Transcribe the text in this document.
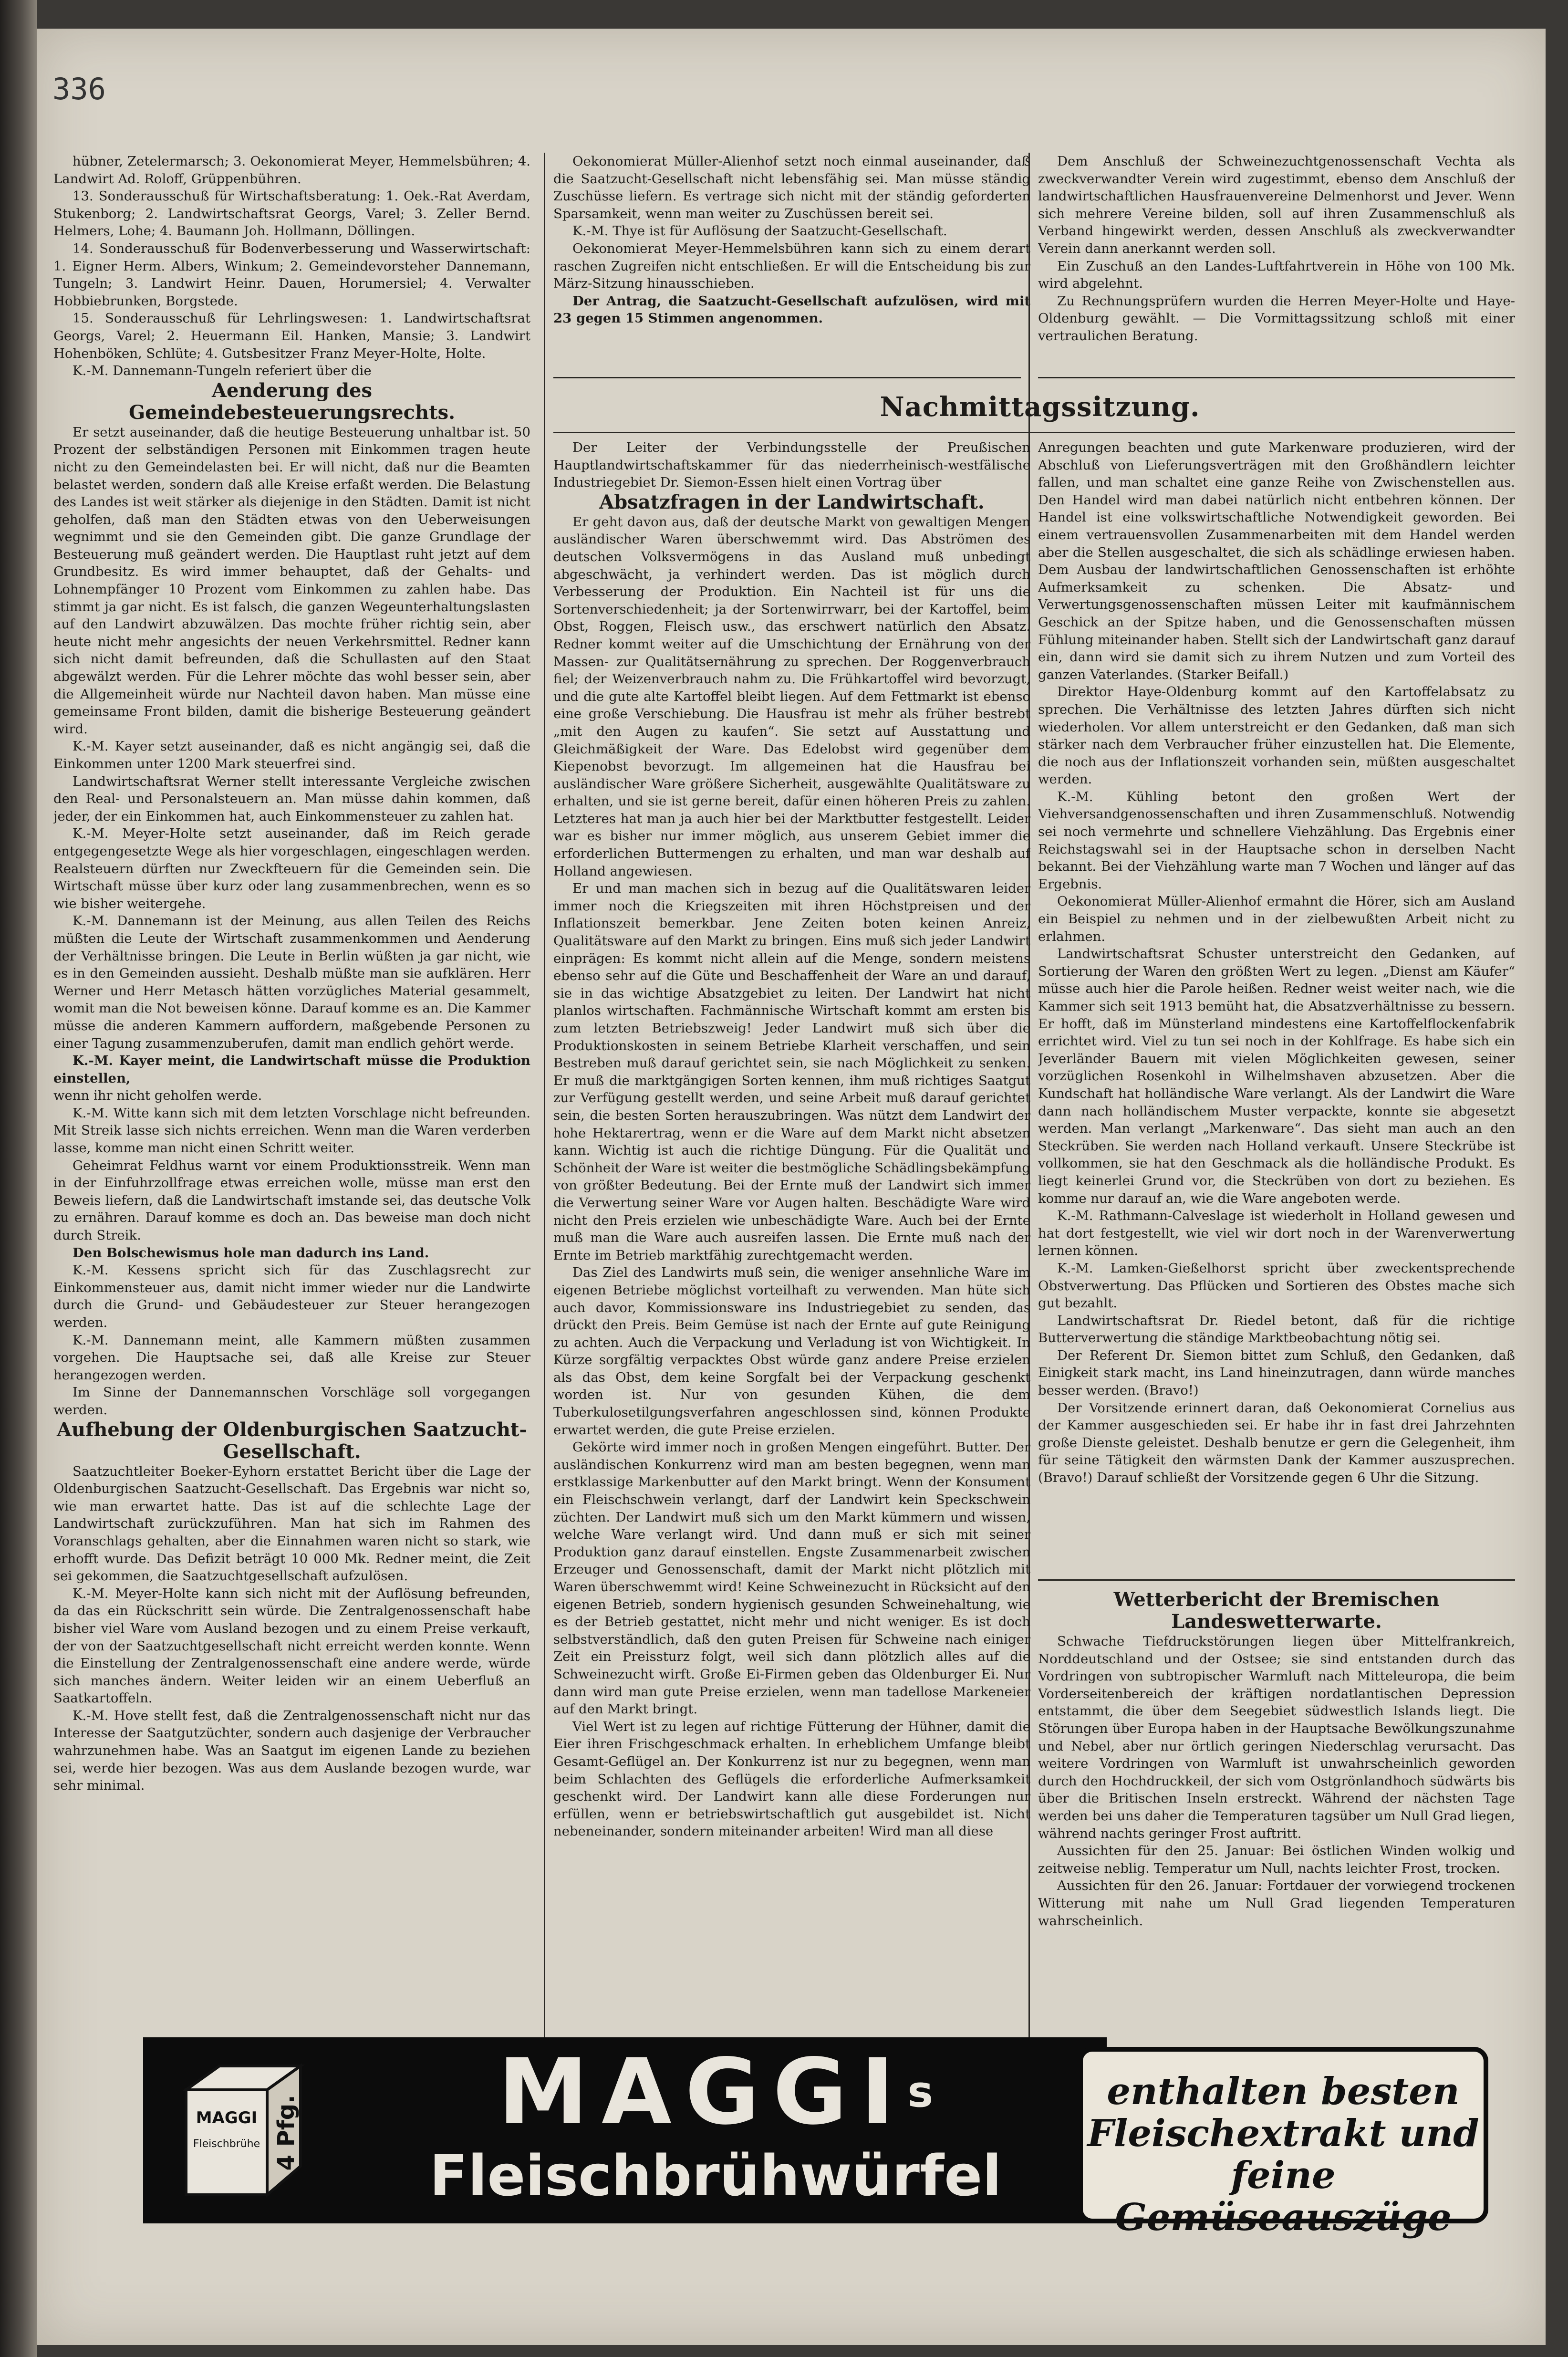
336

hübner, Zetelermarsch; 3. Oekonomierat Meyer, Hemmelsbühren; 4. Landwirt Ad. Roloff, Grüppenbühren.

13. Sonderausschuß für Wirtschaftsberatung: 1. Oek.-Rat Averdam, Stukenborg; 2. Landwirtschaftsrat Georgs, Varel; 3. Zeller Bernd. Helmers, Lohe; 4. Baumann Joh. Hollmann, Döllingen.

14. Sonderausschuß für Bodenverbesserung und Wasserwirtschaft: 1. Eigner Herm. Albers, Winkum; 2. Gemeindevorsteher Dannemann, Tungeln; 3. Landwirt Heinr. Dauen, Horumersiel; 4. Verwalter Hobbiebrunken, Borgstede.

15. Sonderausschuß für Lehrlingswesen: 1. Landwirtschaftsrat Georgs, Varel; 2. Heuermann Eil. Hanken, Mansie; 3. Landwirt Hohenböken, Schlüte; 4. Gutsbesitzer Franz Meyer-Holte, Holte.

K.-M. Dannemann-Tungeln referiert über die

Aenderung des Gemeindebesteuerungsrechts.

Er setzt auseinander, daß die heutige Besteuerung unhaltbar ist. 50 Prozent der selbständigen Personen mit Einkommen tragen heute nicht zu den Gemeindelasten bei. Er will nicht, daß nur die Beamten belastet werden, sondern daß alle Kreise erfaßt werden. Die Belastung des Landes ist weit stärker als diejenige in den Städten. Damit ist nicht geholfen, daß man den Städten etwas von den Ueberweisungen wegnimmt und sie den Gemeinden gibt. Die ganze Grundlage der Besteuerung muß geändert werden. Die Hauptlast ruht jetzt auf dem Grundbesitz. Es wird immer behauptet, daß der Gehalts- und Lohnempfänger 10 Prozent vom Einkommen zu zahlen habe. Das stimmt ja gar nicht. Es ist falsch, die ganzen Wegeunterhaltungslasten auf den Landwirt abzuwälzen. Das mochte früher richtig sein, aber heute nicht mehr angesichts der neuen Verkehrsmittel. Redner kann sich nicht damit befreunden, daß die Schullasten auf den Staat abgewälzt werden. Für die Lehrer möchte das wohl besser sein, aber die Allgemeinheit würde nur Nachteil davon haben. Man müsse eine gemeinsame Front bilden, damit die bisherige Besteuerung geändert wird.

K.-M. Kayer setzt auseinander, daß es nicht angängig sei, daß die Einkommen unter 1200 Mark steuerfrei sind.

Landwirtschaftsrat Werner stellt interessante Vergleiche zwischen den Real- und Personalsteuern an. Man müsse dahin kommen, daß jeder, der ein Einkommen hat, auch Einkommensteuer zu zahlen hat.

K.-M. Meyer-Holte setzt auseinander, daß im Reich gerade entgegengesetzte Wege als hier vorgeschlagen, eingeschlagen werden. Realsteuern dürften nur Zweckfteuern für die Gemeinden sein. Die Wirtschaft müsse über kurz oder lang zusammenbrechen, wenn es so wie bisher weitergehe.

K.-M. Dannemann ist der Meinung, aus allen Teilen des Reichs müßten die Leute der Wirtschaft zusammenkommen und Aenderung der Verhältnisse bringen. Die Leute in Berlin wüßten ja gar nicht, wie es in den Gemeinden aussieht. Deshalb müßte man sie aufklären. Herr Werner und Herr Metasch hätten vorzügliches Material gesammelt, womit man die Not beweisen könne. Darauf komme es an. Die Kammer müsse die anderen Kammern auffordern, maßgebende Personen zu einer Tagung zusammenzuberufen, damit man endlich gehört werde.

K.-M. Kayer meint, die Landwirtschaft müsse die Produktion einstellen,

wenn ihr nicht geholfen werde.

K.-M. Witte kann sich mit dem letzten Vorschlage nicht befreunden. Mit Streik lasse sich nichts erreichen. Wenn man die Waren verderben lasse, komme man nicht einen Schritt weiter.

Geheimrat Feldhus warnt vor einem Produktionsstreik. Wenn man in der Einfuhrzollfrage etwas erreichen wolle, müsse man erst den Beweis liefern, daß die Landwirtschaft imstande sei, das deutsche Volk zu ernähren. Darauf komme es doch an. Das beweise man doch nicht durch Streik.

Den Bolschewismus hole man dadurch ins Land.

K.-M. Kessens spricht sich für das Zuschlagsrecht zur Einkommensteuer aus, damit nicht immer wieder nur die Landwirte durch die Grund- und Gebäudesteuer zur Steuer herangezogen werden.

K.-M. Dannemann meint, alle Kammern müßten zusammen vorgehen. Die Hauptsache sei, daß alle Kreise zur Steuer herangezogen werden.

Im Sinne der Dannemannschen Vorschläge soll vorgegangen werden.

Aufhebung der Oldenburgischen Saatzucht-Gesellschaft.

Saatzuchtleiter Boeker-Eyhorn erstattet Bericht über die Lage der Oldenburgischen Saatzucht-Gesellschaft. Das Ergebnis war nicht so, wie man erwartet hatte. Das ist auf die schlechte Lage der Landwirtschaft zurückzuführen. Man hat sich im Rahmen des Voranschlags gehalten, aber die Einnahmen waren nicht so stark, wie erhofft wurde. Das Defizit beträgt 10 000 Mk. Redner meint, die Zeit sei gekommen, die Saatzuchtgesellschaft aufzulösen.

K.-M. Meyer-Holte kann sich nicht mit der Auflösung befreunden, da das ein Rückschritt sein würde. Die Zentralgenossenschaft habe bisher viel Ware vom Ausland bezogen und zu einem Preise verkauft, der von der Saatzuchtgesellschaft nicht erreicht werden konnte. Wenn die Einstellung der Zentralgenossenschaft eine andere werde, würde sich manches ändern. Weiter leiden wir an einem Ueberfluß an Saatkartoffeln.

K.-M. Hove stellt fest, daß die Zentralgenossenschaft nicht nur das Interesse der Saatgutzüchter, sondern auch dasjenige der Verbraucher wahrzunehmen habe. Was an Saatgut im eigenen Lande zu beziehen sei, werde hier bezogen. Was aus dem Auslande bezogen wurde, war sehr minimal.

Oekonomierat Müller-Alienhof setzt noch einmal auseinander, daß die Saatzucht-Gesellschaft nicht lebensfähig sei. Man müsse ständig Zuschüsse liefern. Es vertrage sich nicht mit der ständig geforderten Sparsamkeit, wenn man weiter zu Zuschüssen bereit sei.

K.-M. Thye ist für Auflösung der Saatzucht-Gesellschaft.

Oekonomierat Meyer-Hemmelsbühren kann sich zu einem derart raschen Zugreifen nicht entschließen. Er will die Entscheidung bis zur März-Sitzung hinausschieben.

Der Antrag, die Saatzucht-Gesellschaft aufzulösen, wird mit 23 gegen 15 Stimmen angenommen.

Dem Anschluß der Schweinezuchtgenossenschaft Vechta als zweckverwandter Verein wird zugestimmt, ebenso dem Anschluß der landwirtschaftlichen Hausfrauenvereine Delmenhorst und Jever. Wenn sich mehrere Vereine bilden, soll auf ihren Zusammenschluß als Verband hingewirkt werden, dessen Anschluß als zweckverwandter Verein dann anerkannt werden soll.

Ein Zuschuß an den Landes-Luftfahrtverein in Höhe von 100 Mk. wird abgelehnt.

Zu Rechnungsprüfern wurden die Herren Meyer-Holte und Haye-Oldenburg gewählt. — Die Vormittagssitzung schloß mit einer vertraulichen Beratung.

Nachmittagssitzung.

Der Leiter der Verbindungsstelle der Preußischen Hauptlandwirtschaftskammer für das niederrheinisch-westfälische Industriegebiet Dr. Siemon-Essen hielt einen Vortrag über

Absatzfragen in der Landwirtschaft.

Er geht davon aus, daß der deutsche Markt von gewaltigen Mengen ausländischer Waren überschwemmt wird. Das Abströmen des deutschen Volksvermögens in das Ausland muß unbedingt abgeschwächt, ja verhindert werden. Das ist möglich durch Verbesserung der Produktion. Ein Nachteil ist für uns die Sortenverschiedenheit; ja der Sortenwirrwarr, bei der Kartoffel, beim Obst, Roggen, Fleisch usw., das erschwert natürlich den Absatz. Redner kommt weiter auf die Umschichtung der Ernährung von der Massen- zur Qualitätsernährung zu sprechen. Der Roggenverbrauch fiel; der Weizenverbrauch nahm zu. Die Frühkartoffel wird bevorzugt, und die gute alte Kartoffel bleibt liegen. Auf dem Fettmarkt ist ebenso eine große Verschiebung. Die Hausfrau ist mehr als früher bestrebt „mit den Augen zu kaufen“. Sie setzt auf Ausstattung und Gleichmäßigkeit der Ware. Das Edelobst wird gegenüber dem Kiepenobst bevorzugt. Im allgemeinen hat die Hausfrau bei ausländischer Ware größere Sicherheit, ausgewählte Qualitätsware zu erhalten, und sie ist gerne bereit, dafür einen höheren Preis zu zahlen. Letzteres hat man ja auch hier bei der Marktbutter festgestellt. Leider war es bisher nur immer möglich, aus unserem Gebiet immer die erforderlichen Buttermengen zu erhalten, und man war deshalb auf Holland angewiesen.

Er und man machen sich in bezug auf die Qualitätswaren leider immer noch die Kriegszeiten mit ihren Höchstpreisen und der Inflationszeit bemerkbar. Jene Zeiten boten keinen Anreiz, Qualitätsware auf den Markt zu bringen. Eins muß sich jeder Landwirt einprägen: Es kommt nicht allein auf die Menge, sondern meistens ebenso sehr auf die Güte und Beschaffenheit der Ware an und darauf, sie in das wichtige Absatzgebiet zu leiten. Der Landwirt hat nicht planlos wirtschaften. Fachmännische Wirtschaft kommt am ersten bis zum letzten Betriebszweig! Jeder Landwirt muß sich über die Produktionskosten in seinem Betriebe Klarheit verschaffen, und sein Bestreben muß darauf gerichtet sein, sie nach Möglichkeit zu senken. Er muß die marktgängigen Sorten kennen, ihm muß richtiges Saatgut zur Verfügung gestellt werden, und seine Arbeit muß darauf gerichtet sein, die besten Sorten herauszubringen. Was nützt dem Landwirt der hohe Hektarertrag, wenn er die Ware auf dem Markt nicht absetzen kann. Wichtig ist auch die richtige Düngung. Für die Qualität und Schönheit der Ware ist weiter die bestmögliche Schädlingsbekämpfung von größter Bedeutung. Bei der Ernte muß der Landwirt sich immer die Verwertung seiner Ware vor Augen halten. Beschädigte Ware wird nicht den Preis erzielen wie unbeschädigte Ware. Auch bei der Ernte muß man die Ware auch ausreifen lassen. Die Ernte muß nach der Ernte im Betrieb marktfähig zurechtgemacht werden.

Das Ziel des Landwirts muß sein, die weniger ansehnliche Ware im eigenen Betriebe möglichst vorteilhaft zu verwenden. Man hüte sich auch davor, Kommissionsware ins Industriegebiet zu senden, das drückt den Preis. Beim Gemüse ist nach der Ernte auf gute Reinigung zu achten. Auch die Verpackung und Verladung ist von Wichtigkeit. In Kürze sorgfältig verpacktes Obst würde ganz andere Preise erzielen als das Obst, dem keine Sorgfalt bei der Verpackung geschenkt worden ist. Nur von gesunden Kühen, die dem Tuberkulosetilgungsverfahren angeschlossen sind, können Produkte erwartet werden, die gute Preise erzielen.

Gekörte wird immer noch in großen Mengen eingeführt. Butter. Der ausländischen Konkurrenz wird man am besten begegnen, wenn man erstklassige Markenbutter auf den Markt bringt. Wenn der Konsument ein Fleischschwein verlangt, darf der Landwirt kein Speckschwein züchten. Der Landwirt muß sich um den Markt kümmern und wissen, welche Ware verlangt wird. Und dann muß er sich mit seiner Produktion ganz darauf einstellen. Engste Zusammenarbeit zwischen Erzeuger und Genossenschaft, damit der Markt nicht plötzlich mit Waren überschwemmt wird! Keine Schweinezucht in Rücksicht auf den eigenen Betrieb, sondern hygienisch gesunden Schweinehaltung, wie es der Betrieb gestattet, nicht mehr und nicht weniger. Es ist doch selbstverständlich, daß den guten Preisen für Schweine nach einiger Zeit ein Preissturz folgt, weil sich dann plötzlich alles auf die Schweinezucht wirft. Große Ei-Firmen geben das Oldenburger Ei. Nur dann wird man gute Preise erzielen, wenn man tadellose Markeneier auf den Markt bringt.

Viel Wert ist zu legen auf richtige Fütterung der Hühner, damit die Eier ihren Frischgeschmack erhalten. In erheblichem Umfange bleibt Gesamt-Geflügel an. Der Konkurrenz ist nur zu begegnen, wenn man beim Schlachten des Geflügels die erforderliche Aufmerksamkeit geschenkt wird. Der Landwirt kann alle diese Forderungen nur erfüllen, wenn er betriebswirtschaftlich gut ausgebildet ist. Nicht nebeneinander, sondern miteinander arbeiten! Wird man all diese

Anregungen beachten und gute Markenware produzieren, wird der Abschluß von Lieferungsverträgen mit den Großhändlern leichter fallen, und man schaltet eine ganze Reihe von Zwischenstellen aus. Den Handel wird man dabei natürlich nicht entbehren können. Der Handel ist eine volkswirtschaftliche Notwendigkeit geworden. Bei einem vertrauensvollen Zusammenarbeiten mit dem Handel werden aber die Stellen ausgeschaltet, die sich als schädlinge erwiesen haben. Dem Ausbau der landwirtschaftlichen Genossenschaften ist erhöhte Aufmerksamkeit zu schenken. Die Absatz- und Verwertungsgenossenschaften müssen Leiter mit kaufmännischem Geschick an der Spitze haben, und die Genossenschaften müssen Fühlung miteinander haben. Stellt sich der Landwirtschaft ganz darauf ein, dann wird sie damit sich zu ihrem Nutzen und zum Vorteil des ganzen Vaterlandes. (Starker Beifall.)

Direktor Haye-Oldenburg kommt auf den Kartoffelabsatz zu sprechen. Die Verhältnisse des letzten Jahres dürften sich nicht wiederholen. Vor allem unterstreicht er den Gedanken, daß man sich stärker nach dem Verbraucher früher einzustellen hat. Die Elemente, die noch aus der Inflationszeit vorhanden sein, müßten ausgeschaltet werden.

K.-M. Kühling betont den großen Wert der Viehversandgenossenschaften und ihren Zusammenschluß. Notwendig sei noch vermehrte und schnellere Viehzählung. Das Ergebnis einer Reichstagswahl sei in der Hauptsache schon in derselben Nacht bekannt. Bei der Viehzählung warte man 7 Wochen und länger auf das Ergebnis.

Oekonomierat Müller-Alienhof ermahnt die Hörer, sich am Ausland ein Beispiel zu nehmen und in der zielbewußten Arbeit nicht zu erlahmen.

Landwirtschaftsrat Schuster unterstreicht den Gedanken, auf Sortierung der Waren den größten Wert zu legen. „Dienst am Käufer“ müsse auch hier die Parole heißen. Redner weist weiter nach, wie die Kammer sich seit 1913 bemüht hat, die Absatzverhältnisse zu bessern. Er hofft, daß im Münsterland mindestens eine Kartoffelflockenfabrik errichtet wird. Viel zu tun sei noch in der Kohlfrage. Es habe sich ein Jeverländer Bauern mit vielen Möglichkeiten gewesen, seiner vorzüglichen Rosenkohl in Wilhelmshaven abzusetzen. Aber die Kundschaft hat holländische Ware verlangt. Als der Landwirt die Ware dann nach holländischem Muster verpackte, konnte sie abgesetzt werden. Man verlangt „Markenware“. Das sieht man auch an den Steckrüben. Sie werden nach Holland verkauft. Unsere Steckrübe ist vollkommen, sie hat den Geschmack als die holländische Produkt. Es liegt keinerlei Grund vor, die Steckrüben von dort zu beziehen. Es komme nur darauf an, wie die Ware angeboten werde.

K.-M. Rathmann-Calveslage ist wiederholt in Holland gewesen und hat dort festgestellt, wie viel wir dort noch in der Warenverwertung lernen können.

K.-M. Lamken-Gießelhorst spricht über zweckentsprechende Obstverwertung. Das Pflücken und Sortieren des Obstes mache sich gut bezahlt.

Landwirtschaftsrat Dr. Riedel betont, daß für die richtige Butterverwertung die ständige Marktbeobachtung nötig sei.

Der Referent Dr. Siemon bittet zum Schluß, den Gedanken, daß Einigkeit stark macht, ins Land hineinzutragen, dann würde manches besser werden. (Bravo!)

Der Vorsitzende erinnert daran, daß Oekonomierat Cornelius aus der Kammer ausgeschieden sei. Er habe ihr in fast drei Jahrzehnten große Dienste geleistet. Deshalb benutze er gern die Gelegenheit, ihm für seine Tätigkeit den wärmsten Dank der Kammer auszusprechen. (Bravo!) Darauf schließt der Vorsitzende gegen 6 Uhr die Sitzung.

Wetterbericht der Bremischen Landeswetterwarte.

Schwache Tiefdruckstörungen liegen über Mittelfrankreich, Norddeutschland und der Ostsee; sie sind entstanden durch das Vordringen von subtropischer Warmluft nach Mitteleuropa, die beim Vorderseitenbereich der kräftigen nordatlantischen Depression entstammt, die über dem Seegebiet südwestlich Islands liegt. Die Störungen über Europa haben in der Hauptsache Bewölkungszunahme und Nebel, aber nur örtlich geringen Niederschlag verursacht. Das weitere Vordringen von Warmluft ist unwahrscheinlich geworden durch den Hochdruckkeil, der sich vom Ostgrönlandhoch südwärts bis über die Britischen Inseln erstreckt. Während der nächsten Tage werden bei uns daher die Temperaturen tagsüber um Null Grad liegen, während nachts geringer Frost auftritt.

Aussichten für den 25. Januar: Bei östlichen Winden wolkig und zeitweise neblig. Temperatur um Null, nachts leichter Frost, trocken.

Aussichten für den 26. Januar: Fortdauer der vorwiegend trockenen Witterung mit nahe um Null Grad liegenden Temperaturen wahrscheinlich.

MAGGI
Fleischbrühe 4 Pfg.	MAGGI$^s$
Fleischbrühwürfel
enthalten besten
Fleischextrakt und
feine Gemüseauszüge
